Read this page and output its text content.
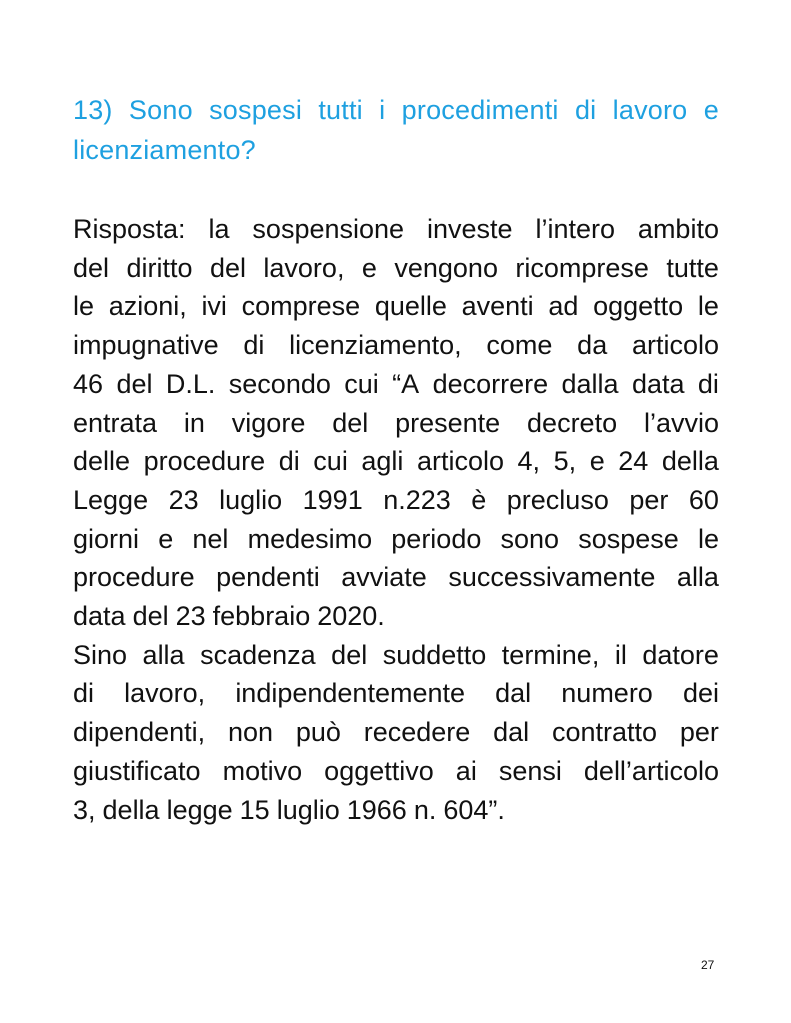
13) Sono sospesi tutti i procedimenti di lavoro e
licenziamento?
Risposta: la sospensione investe l’intero ambito
del diritto del lavoro, e vengono ricomprese tutte
le azioni, ivi comprese quelle aventi ad oggetto le
impugnative di licenziamento, come da articolo
46 del D.L. secondo cui “A decorrere dalla data di
entrata in vigore del presente decreto l’avvio
delle procedure di cui agli articolo 4, 5, e 24 della
Legge 23 luglio 1991 n.223 è precluso per 60
giorni e nel medesimo periodo sono sospese le
procedure pendenti avviate successivamente alla
data del 23 febbraio 2020.
Sino alla scadenza del suddetto termine, il datore
di lavoro, indipendentemente dal numero dei
dipendenti, non può recedere dal contratto per
giustificato motivo oggettivo ai sensi dell’articolo
3, della legge 15 luglio 1966 n. 604”.
27
